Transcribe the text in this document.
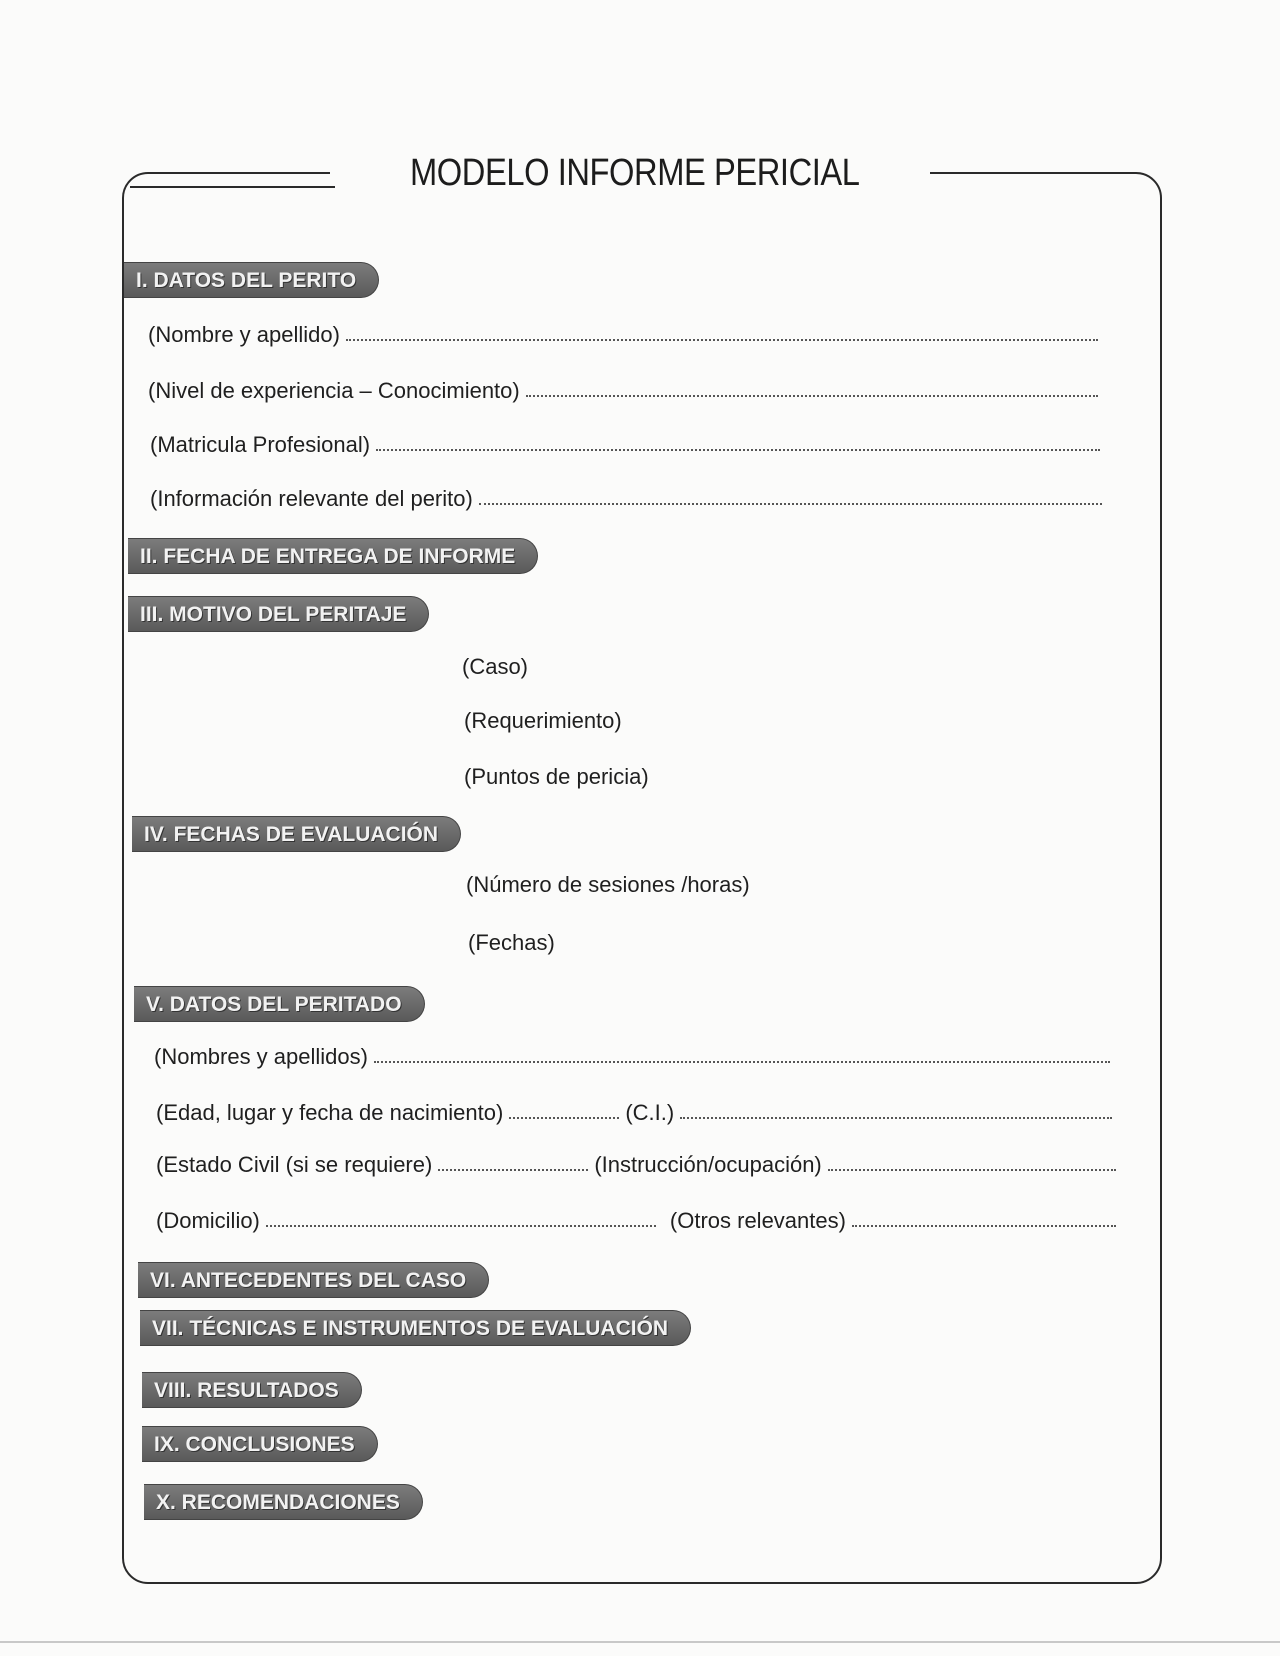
MODELO INFORME PERICIAL
I. DATOS DEL PERITO
(Nombre y apellido)
(Nivel de experiencia – Conocimiento)
(Matricula Profesional)
(Información relevante del perito)
II. FECHA DE ENTREGA DE INFORME
III. MOTIVO DEL PERITAJE
(Caso)
(Requerimiento)
(Puntos de pericia)
IV. FECHAS DE EVALUACIÓN
(Número de sesiones /horas)
(Fechas)
V. DATOS DEL PERITADO
(Nombres y apellidos)
(Edad, lugar y fecha de nacimiento)	(C.I.)
(Estado Civil (si se requiere)	(Instrucción/ocupación)
(Domicilio)	(Otros relevantes)
VI. ANTECEDENTES DEL CASO
VII. TÉCNICAS E INSTRUMENTOS DE EVALUACIÓN
VIII. RESULTADOS
IX. CONCLUSIONES
X. RECOMENDACIONES
